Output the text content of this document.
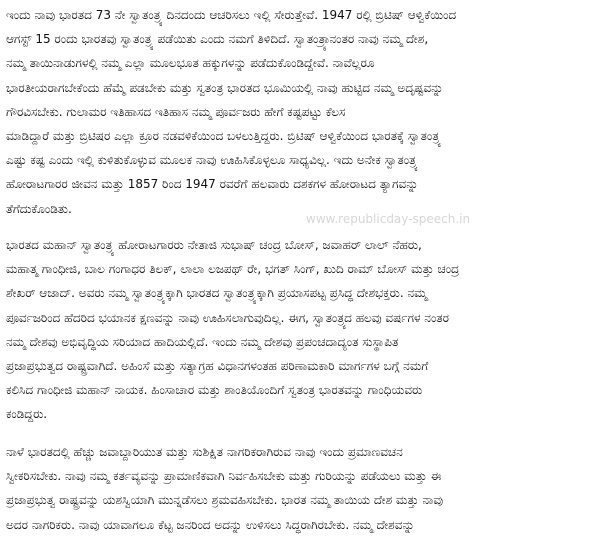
www.republicday-speech.in
ಇಂದು ನಾವು ಭಾರತದ 73 ನೇ ಸ್ವಾತಂತ್ರ್ಯ ದಿನದಂದು ಆಚರಿಸಲು ಇಲ್ಲಿ ಸೇರುತ್ತೇವೆ. 1947 ರಲ್ಲಿ ಬ್ರಿಟಿಷ್ ಆಳ್ವಿಕೆಯಿಂದ
ಆಗಸ್ಟ್ 15 ರಂದು ಭಾರತವು ಸ್ವಾತಂತ್ರ್ಯ ಪಡೆಯಿತು ಎಂದು ನಮಗೆ ತಿಳಿದಿದೆ. ಸ್ವಾತಂತ್ರ್ಯಾನಂತರ ನಾವು ನಮ್ಮ ದೇಶ,
ನಮ್ಮ ತಾಯಿನಾಡುಗಳಲ್ಲಿ ನಮ್ಮ ಎಲ್ಲಾ ಮೂಲಭೂತ ಹಕ್ಕುಗಳನ್ನು ಪಡೆದುಕೊಂಡಿದ್ದೇವೆ. ನಾವೆಲ್ಲರೂ
ಭಾರತೀಯರಾಗಬೇಕೆಂದು ಹೆಮ್ಮೆ ಪಡಬೇಕು ಮತ್ತು ಸ್ವತಂತ್ರ ಭಾರತದ ಭೂಮಿಯಲ್ಲಿ ನಾವು ಹುಟ್ಟಿದ ನಮ್ಮ ಅದೃಷ್ಟವನ್ನು
ಗೌರವಿಸಬೇಕು. ಗುಲಾಮರ ಇತಿಹಾಸದ ಇತಿಹಾಸ ನಮ್ಮ ಪೂರ್ವಜರು ಹೇಗೆ ಕಷ್ಟಪಟ್ಟು ಕೆಲಸ
ಮಾಡಿದ್ದಾರೆ ಮತ್ತು ಬ್ರಿಟಿಷರ ಎಲ್ಲಾ ಕ್ರೂರ ನಡವಳಿಕೆಯಿಂದ ಬಳಲುತ್ತಿದ್ದರು. ಬ್ರಿಟಿಷ್ ಆಳ್ವಿಕೆಯಿಂದ ಭಾರತಕ್ಕೆ ಸ್ವಾತಂತ್ರ್ಯ
ಎಷ್ಟು ಕಷ್ಟ ಎಂದು ಇಲ್ಲಿ ಕುಳಿತುಕೊಳ್ಳುವ ಮೂಲಕ ನಾವು ಊಹಿಸಿಕೊಳ್ಳಲೂ ಸಾಧ್ಯವಿಲ್ಲ. ಇದು ಅನೇಕ ಸ್ವಾತಂತ್ರ್ಯ
ಹೋರಾಟಗಾರರ ಜೀವನ ಮತ್ತು 1857 ರಿಂದ 1947 ರವರೆಗೆ ಹಲವಾರು ದಶಕಗಳ ಹೋರಾಟದ ತ್ಯಾಗವನ್ನು
ತೆಗೆದುಕೊಂಡಿತು.
ಭಾರತದ ಮಹಾನ್ ಸ್ವಾತಂತ್ರ್ಯ ಹೋರಾಟಗಾರರು ನೇತಾಜಿ ಸುಭಾಷ್ ಚಂದ್ರ ಬೋಸ್, ಜವಾಹರ್ ಲಾಲ್ ನೆಹರು,
ಮಹಾತ್ಮ ಗಾಂಧೀಜಿ, ಬಾಲ ಗಂಗಾಧರ ತಿಲಕ್, ಲಾಲಾ ಲಜಪಥ್ ರೇ, ಭಗತ್ ಸಿಂಗ್, ಖುದಿ ರಾಮ್ ಬೋಸ್ ಮತ್ತು ಚಂದ್ರ
ಶೇಖರ್ ಆಜಾದ್. ಅವರು ನಮ್ಮ ಸ್ವಾತಂತ್ರ್ಯಕ್ಕಾಗಿ ಭಾರತದ ಸ್ವಾತಂತ್ರ್ಯಕ್ಕಾಗಿ ಪ್ರಯಾಸಪಟ್ಟ ಪ್ರಸಿದ್ಧ ದೇಶಭಕ್ತರು. ನಮ್ಮ
ಪೂರ್ವಜರಿಂದ ಹೆದರಿದ ಭಯಾನಕ ಕ್ಷಣವನ್ನು ನಾವು ಊಹಿಸಲಾಗುವುದಿಲ್ಲ. ಈಗ, ಸ್ವಾತಂತ್ರ್ಯದ ಹಲವು ವರ್ಷಗಳ ನಂತರ
ನಮ್ಮ ದೇಶವು ಅಭಿವೃದ್ಧಿಯ ಸರಿಯಾದ ಹಾದಿಯಲ್ಲಿದೆ. ಇಂದು ನಮ್ಮ ದೇಶವು ಪ್ರಪಂಚದಾದ್ಯಂತ ಸುಸ್ಥಾಪಿತ
ಪ್ರಜಾಪ್ರಭುತ್ವದ ರಾಷ್ಟ್ರವಾಗಿದೆ. ಅಹಿಂಸೆ ಮತ್ತು ಸತ್ಯಾಗ್ರಹ ವಿಧಾನಗಳಂತಹ ಪರಿಣಾಮಕಾರಿ ಮಾರ್ಗಗಳ ಬಗ್ಗೆ ನಮಗೆ
ಕಲಿಸಿದ ಗಾಂಧೀಜಿ ಮಹಾನ್ ನಾಯಕ. ಹಿಂಸಾಚಾರ ಮತ್ತು ಶಾಂತಿಯೊಂದಿಗೆ ಸ್ವತಂತ್ರ ಭಾರತವನ್ನು ಗಾಂಧಿಯವರು
ಕಂಡಿದ್ದರು.
ನಾಳೆ ಭಾರತದಲ್ಲಿ ಹೆಚ್ಚು ಜವಾಬ್ದಾರಿಯುತ ಮತ್ತು ಸುಶಿಕ್ಷಿತ ನಾಗರಿಕರಾಗಿರುವ ನಾವು ಇಂದು ಪ್ರಮಾಣವಚನ
ಸ್ವೀಕರಿಸಬೇಕು. ನಾವು ನಮ್ಮ ಕರ್ತವ್ಯವನ್ನು ಪ್ರಾಮಾಣಿಕವಾಗಿ ನಿರ್ವಹಿಸಬೇಕು ಮತ್ತು ಗುರಿಯನ್ನು ಪಡೆಯಲು ಮತ್ತು ಈ
ಪ್ರಜಾಪ್ರಭುತ್ವ ರಾಷ್ಟ್ರವನ್ನು ಯಶಸ್ವಿಯಾಗಿ ಮುನ್ನಡೆಸಲು ಶ್ರಮವಹಿಸಬೇಕು. ಭಾರತ ನಮ್ಮ ತಾಯಿಯ ದೇಶ ಮತ್ತು ನಾವು
ಅದರ ನಾಗರಿಕರು. ನಾವು ಯಾವಾಗಲೂ ಕೆಟ್ಟ ಜನರಿಂದ ಅದನ್ನು ಉಳಿಸಲು ಸಿದ್ಧರಾಗಿರಬೇಕು. ನಮ್ಮ ದೇಶವನ್ನು
